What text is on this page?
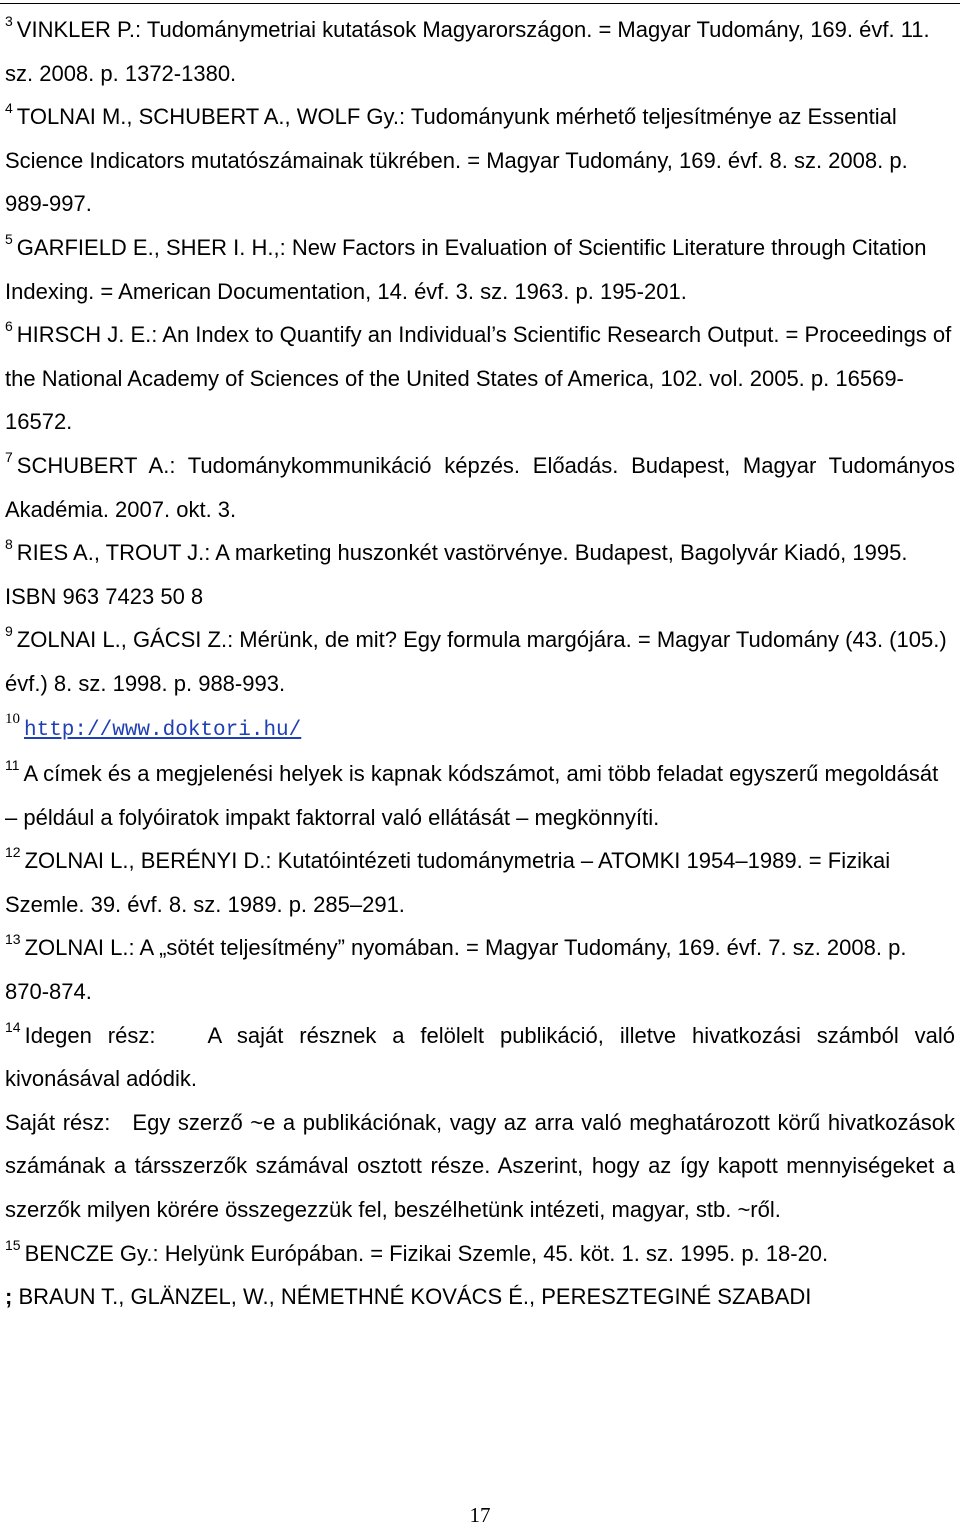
$^3$ VINKLER P.: Tudománymetriai kutatások Magyarországon. = Magyar Tudomány, 169. évf. 11. sz. 2008. p. 1372-1380.

$^4$ TOLNAI M., SCHUBERT A., WOLF Gy.: Tudományunk mérhető teljesítménye az Essential Science Indicators mutatószámainak tükrében. = Magyar Tudomány, 169. évf. 8. sz. 2008. p. 989-997.

$^5$ GARFIELD E., SHER I. H.,: New Factors in Evaluation of Scientific Literature through Citation Indexing. = American Documentation, 14. évf. 3. sz. 1963. p. 195-201.

$^6$ HIRSCH J. E.: An Index to Quantify an Individual’s Scientific Research Output. = Proceedings of the National Academy of Sciences of the United States of America, 102. vol. 2005. p. 16569-16572.

$^7$ SCHUBERT A.: Tudománykommunikáció képzés. Előadás. Budapest, Magyar Tudományos Akadémia. 2007. okt. 3.

$^8$ RIES A., TROUT J.: A marketing huszonkét vastörvénye. Budapest, Bagolyvár Kiadó, 1995. ISBN 963 7423 50 8

$^9$ ZOLNAI L., GÁCSI Z.: Mérünk, de mit? Egy formula margójára. = Magyar Tudomány (43. (105.) évf.) 8. sz. 1998. p. 988-993.

$^{10}$ http://www.doktori.hu/

$^{11}$ A címek és a megjelenési helyek is kapnak kódszámot, ami több feladat egyszerű megoldását – például a folyóiratok impakt faktorral való ellátását – megkönnyíti.

$^{12}$ ZOLNAI L., BERÉNYI D.: Kutatóintézeti tudománymetria – ATOMKI 1954–1989. = Fizikai Szemle. 39. évf. 8. sz. 1989. p. 285–291.

$^{13}$ ZOLNAI L.: A „sötét teljesítmény” nyomában. = Magyar Tudomány, 169. évf. 7. sz. 2008. p. 870-874.

$^{14}$ Idegen rész: A saját résznek a felölelt publikáció, illetve hivatkozási számból való kivonásával adódik.

Saját rész: Egy szerző ~e a publikációnak, vagy az arra való meghatározott körű hivatkozások számának a társszerzők számával osztott része. Aszerint, hogy az így kapott mennyiségeket a szerzők milyen körére összegezzük fel, beszélhetünk intézeti, magyar, stb. ~ről.

$^{15}$ BENCZE Gy.: Helyünk Európában. = Fizikai Szemle, 45. köt. 1. sz. 1995. p. 18-20.

; BRAUN T., GLÄNZEL, W., NÉMETHNÉ KOVÁCS É., PERESZTEGINÉ SZABADI

17
